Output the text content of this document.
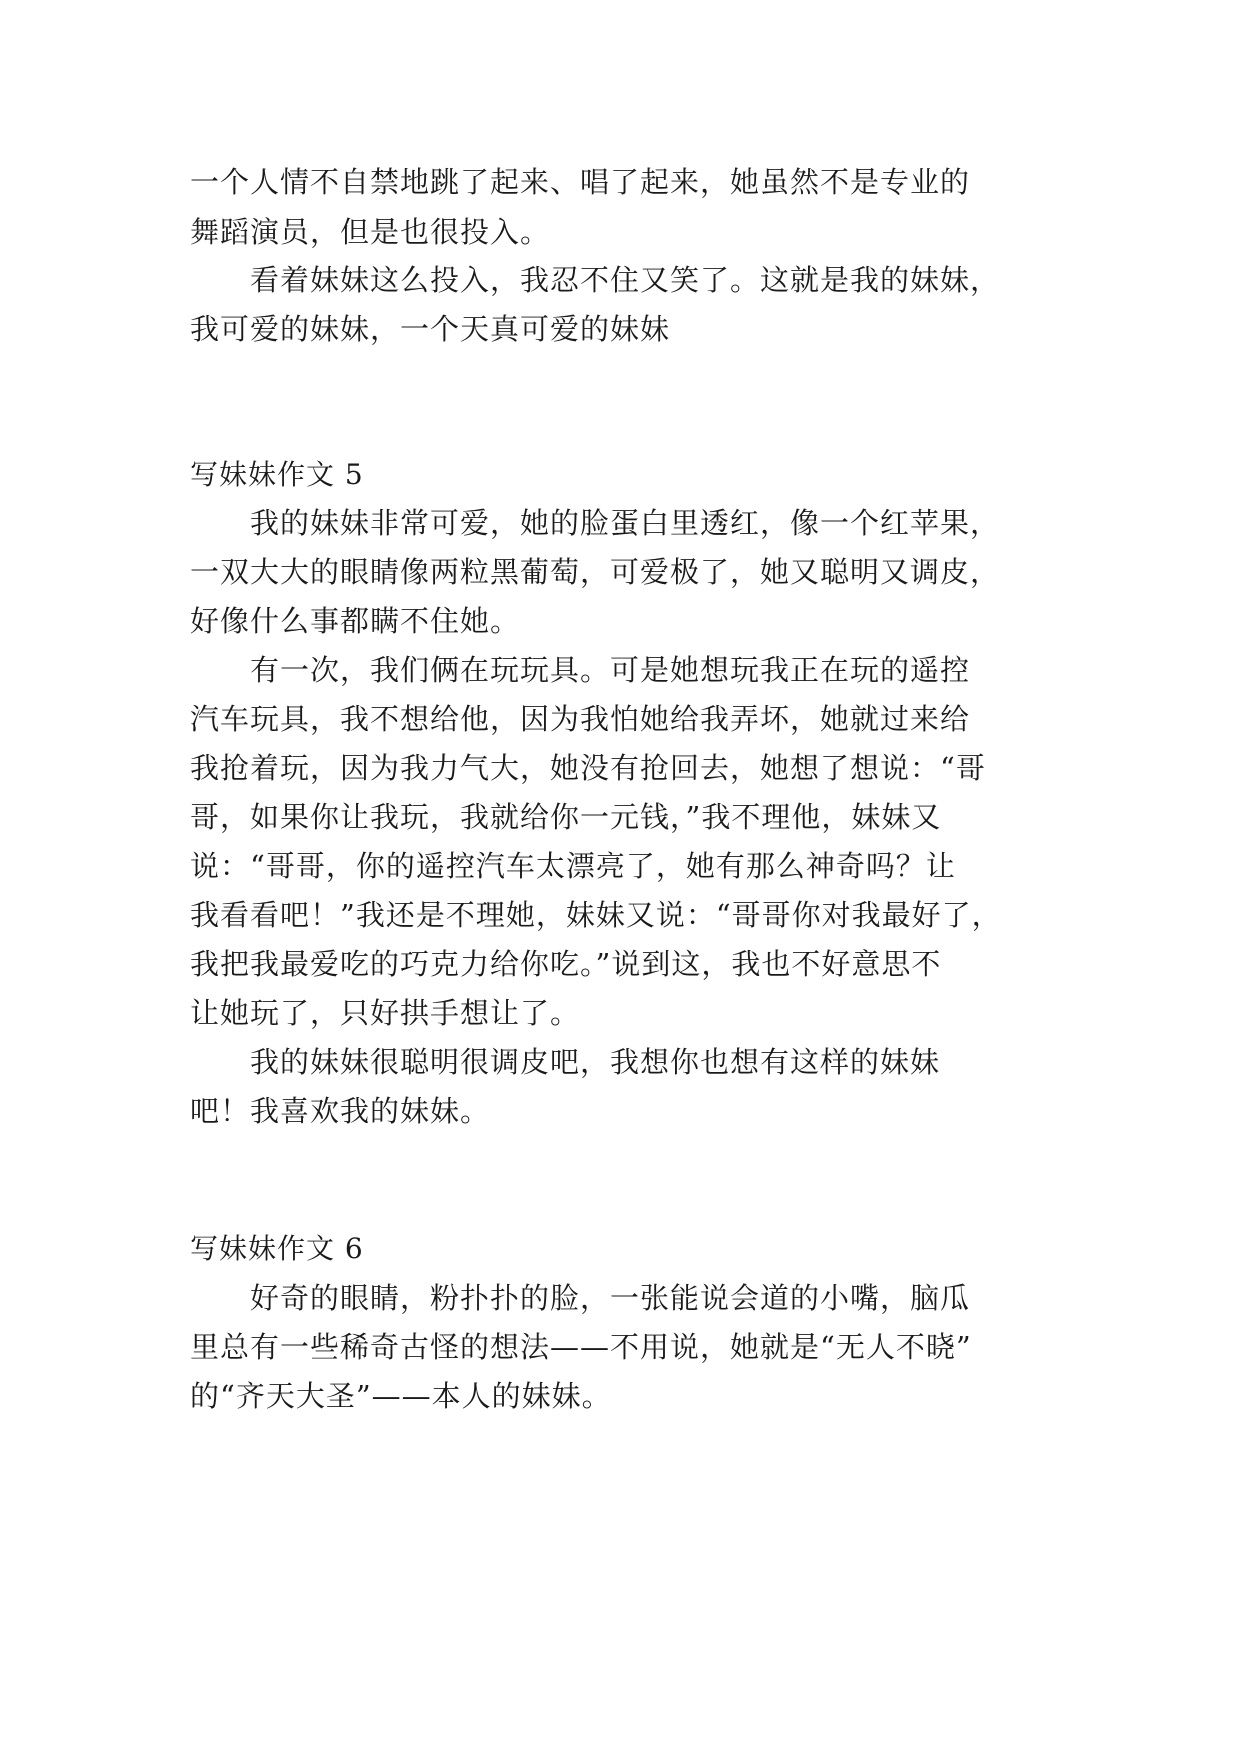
一个人情不自禁地跳了起来、唱了起来，她虽然不是专业的
舞蹈演员，但是也很投入。
看着妹妹这么投入，我忍不住又笑了。这就是我的妹妹，
我可爱的妹妹，一个天真可爱的妹妹
写妹妹作文 5
我的妹妹非常可爱，她的脸蛋白里透红，像一个红苹果，
一双大大的眼睛像两粒黑葡萄，可爱极了，她又聪明又调皮，
好像什么事都瞒不住她。
有一次，我们俩在玩玩具。可是她想玩我正在玩的遥控
汽车玩具，我不想给他，因为我怕她给我弄坏，她就过来给
我抢着玩，因为我力气大，她没有抢回去，她想了想说：“哥
哥，如果你让我玩，我就给你一元钱，”我不理他，妹妹又
说：“哥哥，你的遥控汽车太漂亮了，她有那么神奇吗？让
我看看吧！”我还是不理她，妹妹又说：“哥哥你对我最好了，
我把我最爱吃的巧克力给你吃。”说到这，我也不好意思不
让她玩了，只好拱手想让了。
我的妹妹很聪明很调皮吧，我想你也想有这样的妹妹
吧！我喜欢我的妹妹。
写妹妹作文 6
好奇的眼睛，粉扑扑的脸，一张能说会道的小嘴，脑瓜
里总有一些稀奇古怪的想法——不用说，她就是“无人不晓”
的“齐天大圣”——本人的妹妹。
